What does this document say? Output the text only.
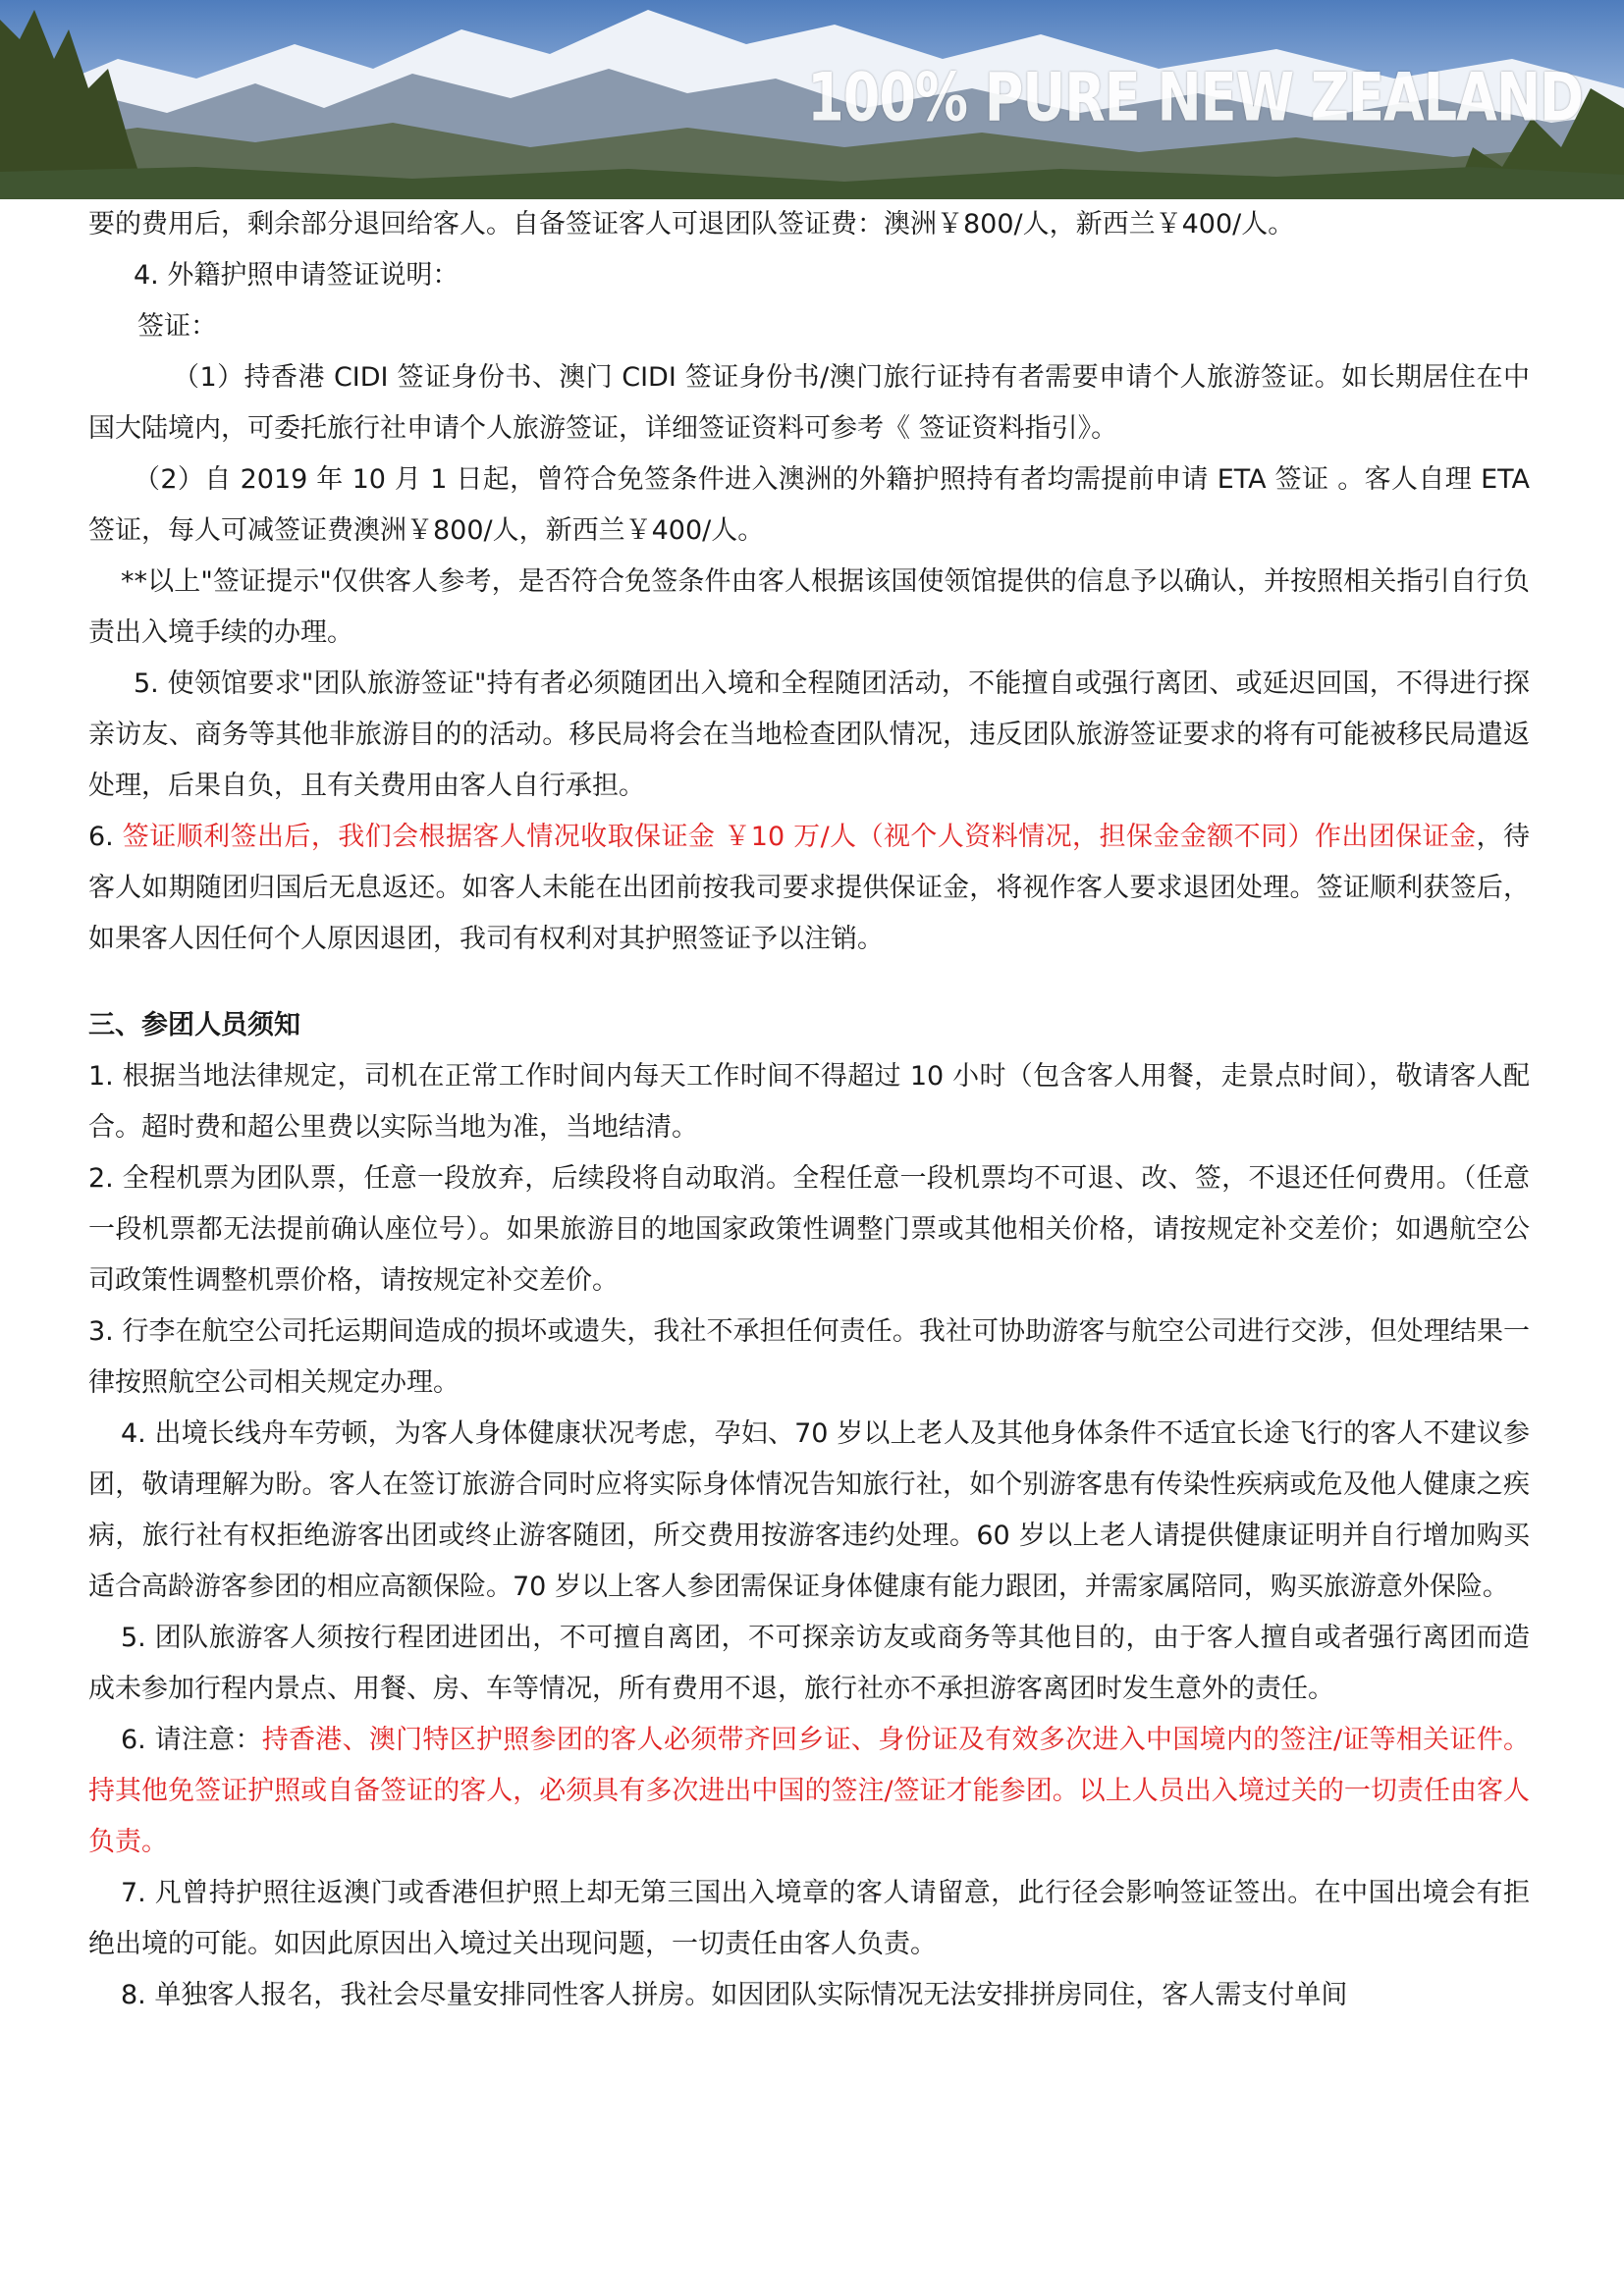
100% PURE NEW ZEALAND

要的费用后，剩余部分退回给客人。自备签证客人可退团队签证费：澳洲￥800/人，新西兰￥400/人。

4. 外籍护照申请签证说明：

签证：

（1）持香港 CIDI 签证身份书、澳门 CIDI 签证身份书/澳门旅行证持有者需要申请个人旅游签证。如长期居住在中国大陆境内，可委托旅行社申请个人旅游签证，详细签证资料可参考《 签证资料指引》。

（2）自 2019 年 10 月 1 日起，曾符合免签条件进入澳洲的外籍护照持有者均需提前申请 ETA 签证 。客人自理 ETA 签证，每人可减签证费澳洲￥800/人，新西兰￥400/人。

**以上"签证提示"仅供客人参考，是否符合免签条件由客人根据该国使领馆提供的信息予以确认，并按照相关指引自行负责出入境手续的办理。

5. 使领馆要求"团队旅游签证"持有者必须随团出入境和全程随团活动，不能擅自或强行离团、或延迟回国，不得进行探亲访友、商务等其他非旅游目的的活动。移民局将会在当地检查团队情况，违反团队旅游签证要求的将有可能被移民局遣返处理，后果自负，且有关费用由客人自行承担。

6. 签证顺利签出后，我们会根据客人情况收取保证金 ￥10 万/人（视个人资料情况，担保金金额不同）作出团保证金，待客人如期随团归国后无息返还。如客人未能在出团前按我司要求提供保证金，将视作客人要求退团处理。签证顺利获签后，如果客人因任何个人原因退团，我司有权利对其护照签证予以注销。

三、参团人员须知

1. 根据当地法律规定，司机在正常工作时间内每天工作时间不得超过 10 小时（包含客人用餐，走景点时间），敬请客人配合。超时费和超公里费以实际当地为准，当地结清。

2. 全程机票为团队票，任意一段放弃，后续段将自动取消。全程任意一段机票均不可退、改、签，不退还任何费用。（任意一段机票都无法提前确认座位号）。如果旅游目的地国家政策性调整门票或其他相关价格，请按规定补交差价；如遇航空公司政策性调整机票价格，请按规定补交差价。

3. 行李在航空公司托运期间造成的损坏或遗失，我社不承担任何责任。我社可协助游客与航空公司进行交涉，但处理结果一律按照航空公司相关规定办理。

4. 出境长线舟车劳顿，为客人身体健康状况考虑，孕妇、70 岁以上老人及其他身体条件不适宜长途飞行的客人不建议参团，敬请理解为盼。客人在签订旅游合同时应将实际身体情况告知旅行社，如个别游客患有传染性疾病或危及他人健康之疾病，旅行社有权拒绝游客出团或终止游客随团，所交费用按游客违约处理。60 岁以上老人请提供健康证明并自行增加购买适合高龄游客参团的相应高额保险。70 岁以上客人参团需保证身体健康有能力跟团，并需家属陪同，购买旅游意外保险。

5. 团队旅游客人须按行程团进团出，不可擅自离团，不可探亲访友或商务等其他目的，由于客人擅自或者强行离团而造成未参加行程内景点、用餐、房、车等情况，所有费用不退，旅行社亦不承担游客离团时发生意外的责任。

6. 请注意：持香港、澳门特区护照参团的客人必须带齐回乡证、身份证及有效多次进入中国境内的签注/证等相关证件。持其他免签证护照或自备签证的客人，必须具有多次进出中国的签注/签证才能参团。以上人员出入境过关的一切责任由客人负责。

7. 凡曾持护照往返澳门或香港但护照上却无第三国出入境章的客人请留意，此行径会影响签证签出。在中国出境会有拒绝出境的可能。如因此原因出入境过关出现问题，一切责任由客人负责。

8. 单独客人报名，我社会尽量安排同性客人拼房。如因团队实际情况无法安排拼房同住，客人需支付单间
